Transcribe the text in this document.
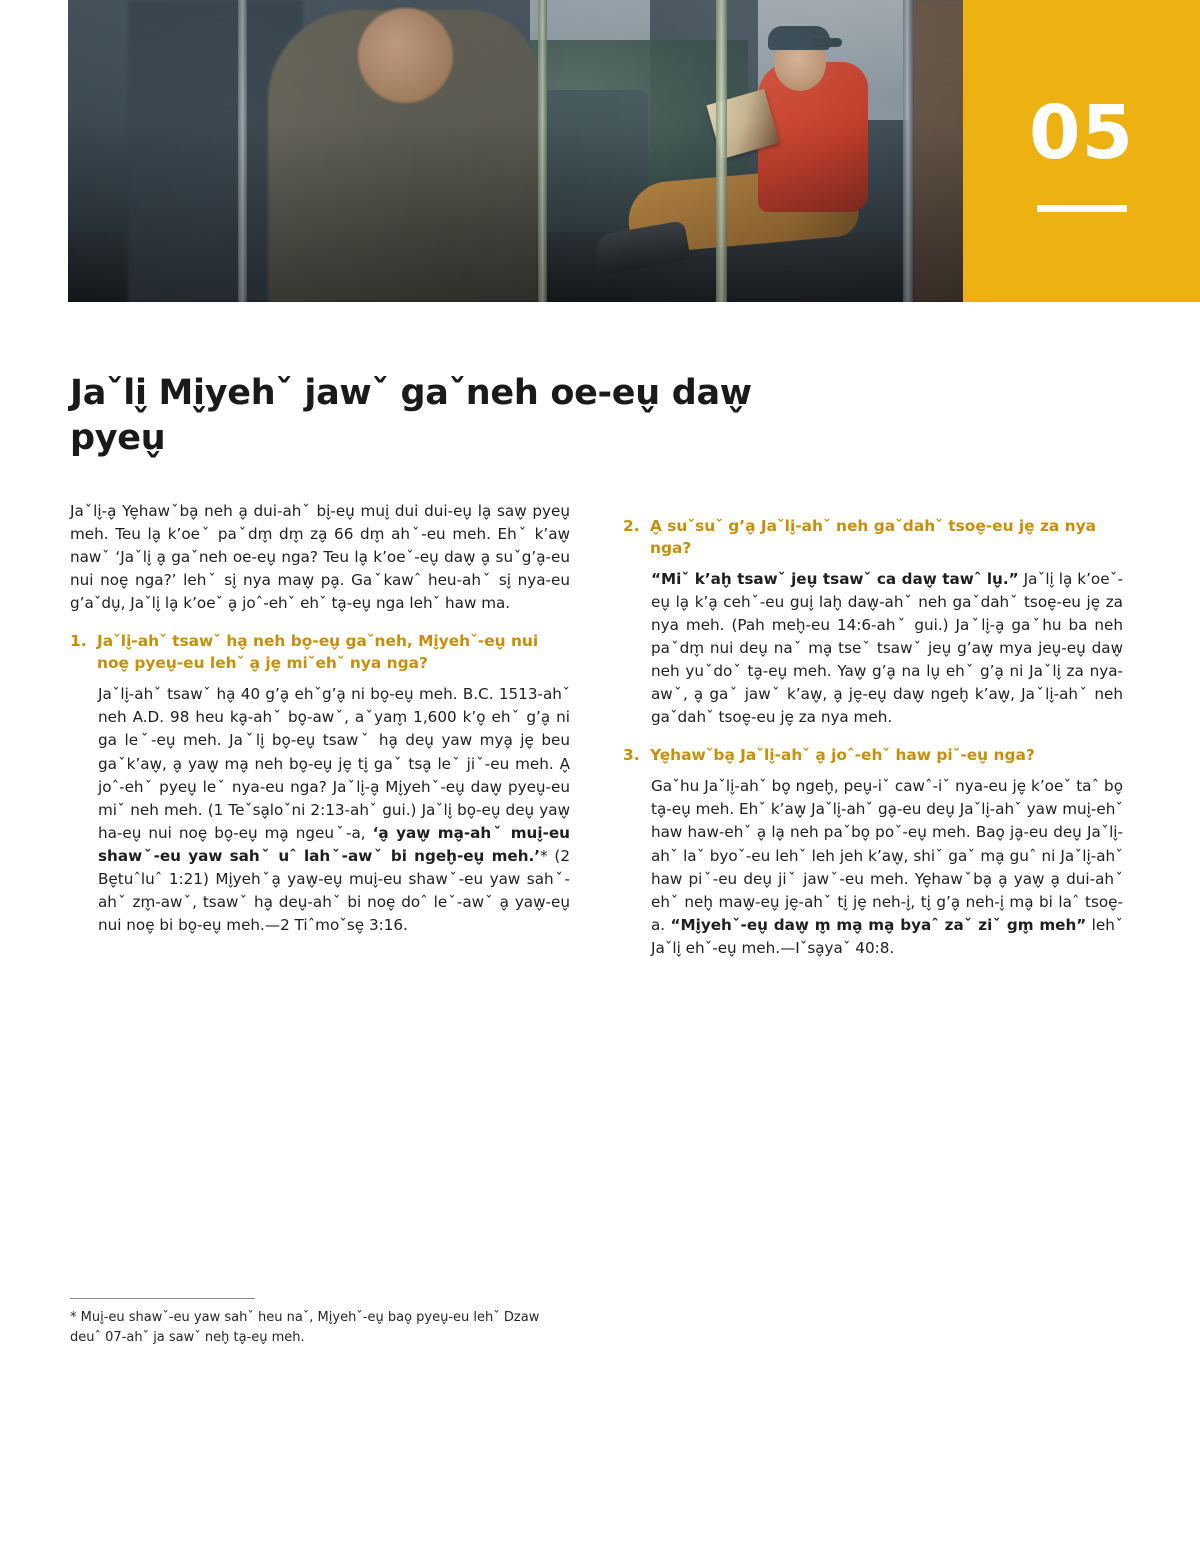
05
Jaˇli̬ Mi̬yehˇ jawˇ gaˇneh oe-eu̬ daw̬ pyeu̬

Jaˇli̬-a̬ Ye̬hawˇba̬ neh a̬ dui-ahˇ bi̬-eu̬ mui̬ dui dui-eu̬ la̬ saw̬ pyeu̬ meh. Teu la̬ k’oeˇ paˇdm̬ dm̬ za̬ 66 dm̬ ahˇ-eu meh. Ehˇ k’aw̬ nawˇ ‘Jaˇli̬ a̬ gaˇneh oe-eu̬ nga? Teu la̬ k’oeˇ-eu̬ daw̬ a̬ suˇg’a̬-eu nui noe̬ nga?’ lehˇ si̬ nya maw̬ pa̬. Gaˇkawˆ heu-ahˇ si̬ nya-eu g’aˇdu̬, Jaˇli̬ la̬ k’oeˇ a̬ joˆ-ehˇ ehˇ ta̬-eu̬ nga lehˇ haw ma.

1. Jaˇli̬-ahˇ tsawˇ ha̬ neh bo̬-eu̬ gaˇneh, Mi̬yehˇ-eu̬ nui noe̬ pyeu̬-eu lehˇ a̬ je̬ miˇehˇ nya nga?

Jaˇli̬-ahˇ tsawˇ ha̬ 40 g’a̬ ehˇg’a̬ ni bo̬-eu̬ meh. B.C. 1513-ahˇ neh A.D. 98 heu ka̬-ahˇ bo̬-awˇ, aˇyam̬ 1,600 k’o̬ ehˇ g’a̬ ni ga leˇ-eu̬ meh. Jaˇli̬ bo̬-eu̬ tsawˇ ha̬ deu̬ yaw mya̬ je̬ beu gaˇk’aw̬, a̬ yaw̬ ma̬ neh bo̬-eu̬ je̬ ti̬ gaˇ tsa̬ leˇ jiˇ-eu meh. A̬ joˆ-ehˇ pyeu̬ leˇ nya-eu nga? Jaˇli̬-a̬ Mi̬yehˇ-eu̬ daw̬ pyeu̬-eu miˇ neh meh. (1 Teˇsa̬loˇni 2:13-ahˇ gui.) Jaˇli̬ bo̬-eu̬ deu̬ yaw̬ ha-eu̬ nui noe̬ bo̬-eu̬ ma̬ ngeuˇ-a, ‘a̬ yaw̬ ma̬-ahˇ mui̬-eu shawˇ-eu yaw sahˇ uˆ lahˇ-awˇ bi ngeh̬-eu̬ meh.’* (2 Be̬tuˆluˆ 1:21) Mi̬yehˇa̬ yaw̬-eu̬ mui̬-eu shawˇ-eu yaw sahˇ-ahˇ zm̬-awˇ, tsawˇ ha̬ deu̬-ahˇ bi noe̬ doˆ leˇ-awˇ a̬ yaw̬-eu̬ nui noe̬ bi bo̬-eu̬ meh.—2 Tiˆmoˇse̬ 3:16.

2. A̬ suˇsuˇ g’a̬ Jaˇli̬-ahˇ neh gaˇdahˇ tsoe̬-eu je̬ za nya nga?

“Miˇ k’ah̬ tsawˇ jeu̬ tsawˇ ca daw̬ tawˆ lu̬.” Jaˇli̬ la̬ k’oeˇ-eu̬ la̬ k’a̬ cehˇ-eu gui̬ lah̬ daw̬-ahˇ neh gaˇdahˇ tsoe̬-eu je̬ za nya meh. (Pah meh̬-eu 14:6-ahˇ gui.) Jaˇli̬-a̬ gaˇhu ba neh paˇdm̬ nui deu̬ naˇ ma̬ tseˇ tsawˇ jeu̬ g’aw̬ mya jeu̬-eu̬ daw̬ neh yuˇdoˇ ta̬-eu̬ meh. Yaw̬ g’a̬ na lu̬ ehˇ g’a̬ ni Jaˇli̬ za nya-awˇ, a̬ gaˇ jawˇ k’aw̬, a̬ je̬-eu̬ daw̬ ngeh̬ k’aw̬, Jaˇli̬-ahˇ neh gaˇdahˇ tsoe̬-eu je̬ za nya meh.

3. Ye̬hawˇba̬ Jaˇli̬-ahˇ a̬ joˆ-ehˇ haw piˇ-eu̬ nga?

Gaˇhu Jaˇli̬-ahˇ bo̬ ngeh̬, peu̬-iˇ cawˆ-iˇ nya-eu je̬ k’oeˇ taˆ bo̬ ta̬-eu̬ meh. Ehˇ k’aw̬ Jaˇli̬-ahˇ ga̬-eu deu̬ Jaˇli̬-ahˇ yaw mui̬-ehˇ haw haw-ehˇ a̬ la̬ neh paˇbo̬ poˇ-eu̬ meh. Bao̬ ja̬-eu deu̬ Jaˇli̬-ahˇ laˇ byoˇ-eu lehˇ leh jeh k’aw̬, shiˇ gaˇ ma̬ guˆ ni Jaˇli̬-ahˇ haw piˇ-eu deu̬ jiˇ jawˇ-eu meh. Ye̬hawˇba̬ a̬ yaw̬ a̬ dui-ahˇ ehˇ neh̬ maw̬-eu̬ je̬-ahˇ ti̬ je̬ neh-i̬, ti̬ g’a̬ neh-i̬ ma̬ bi laˆ tsoe̬-a. “Mi̬yehˇ-eu̬ daw̬ m̬ ma̬ ma̬ byaˆ zaˇ ziˇ gm̬ meh” lehˇ Jaˇli̬ ehˇ-eu̬ meh.—Iˇsa̬yaˇ 40:8.

* Mui̬-eu shawˇ-eu yaw sahˇ heu naˇ, Mi̬yehˇ-eu̬ bao̬ pyeu̬-eu lehˇ Dzaw deuˆ 07-ahˇ ja sawˇ neh̬ ta̬-eu̬ meh.
